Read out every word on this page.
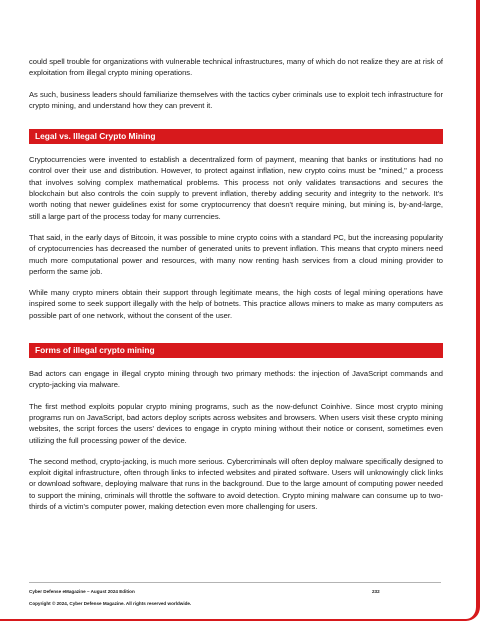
could spell trouble for organizations with vulnerable technical infrastructures, many of which do not realize they are at risk of exploitation from illegal crypto mining operations.

As such, business leaders should familiarize themselves with the tactics cyber criminals use to exploit tech infrastructure for crypto mining, and understand how they can prevent it.

Legal vs. Illegal Crypto Mining

Cryptocurrencies were invented to establish a decentralized form of payment, meaning that banks or institutions had no control over their use and distribution. However, to protect against inflation, new crypto coins must be "mined," a process that involves solving complex mathematical problems. This process not only validates transactions and secures the blockchain but also controls the coin supply to prevent inflation, thereby adding security and integrity to the network. It's worth noting that newer guidelines exist for some cryptocurrency that doesn't require mining, but mining is, by-and-large, still a large part of the process today for many currencies.

That said, in the early days of Bitcoin, it was possible to mine crypto coins with a standard PC, but the increasing popularity of cryptocurrencies has decreased the number of generated units to prevent inflation. This means that crypto miners need much more computational power and resources, with many now renting hash services from a cloud mining provider to perform the same job.

While many crypto miners obtain their support through legitimate means, the high costs of legal mining operations have inspired some to seek support illegally with the help of botnets. This practice allows miners to make as many computers as possible part of one network, without the consent of the user.

Forms of illegal crypto mining

Bad actors can engage in illegal crypto mining through two primary methods: the injection of JavaScript commands and crypto-jacking via malware.

The first method exploits popular crypto mining programs, such as the now-defunct Coinhive. Since most crypto mining programs run on JavaScript, bad actors deploy scripts across websites and browsers. When users visit these crypto mining websites, the script forces the users' devices to engage in crypto mining without their notice or consent, sometimes even utilizing the full processing power of the device.

The second method, crypto-jacking, is much more serious. Cybercriminals will often deploy malware specifically designed to exploit digital infrastructure, often through links to infected websites and pirated software. Users will unknowingly click links or download software, deploying malware that runs in the background. Due to the large amount of computing power needed to support the mining, criminals will throttle the software to avoid detection. Crypto mining malware can consume up to two-thirds of a victim's computer power, making detection even more challenging for users.

Cyber Defense eMagazine – August 2024 Edition	232
Copyright © 2024, Cyber Defense Magazine. All rights reserved worldwide.
